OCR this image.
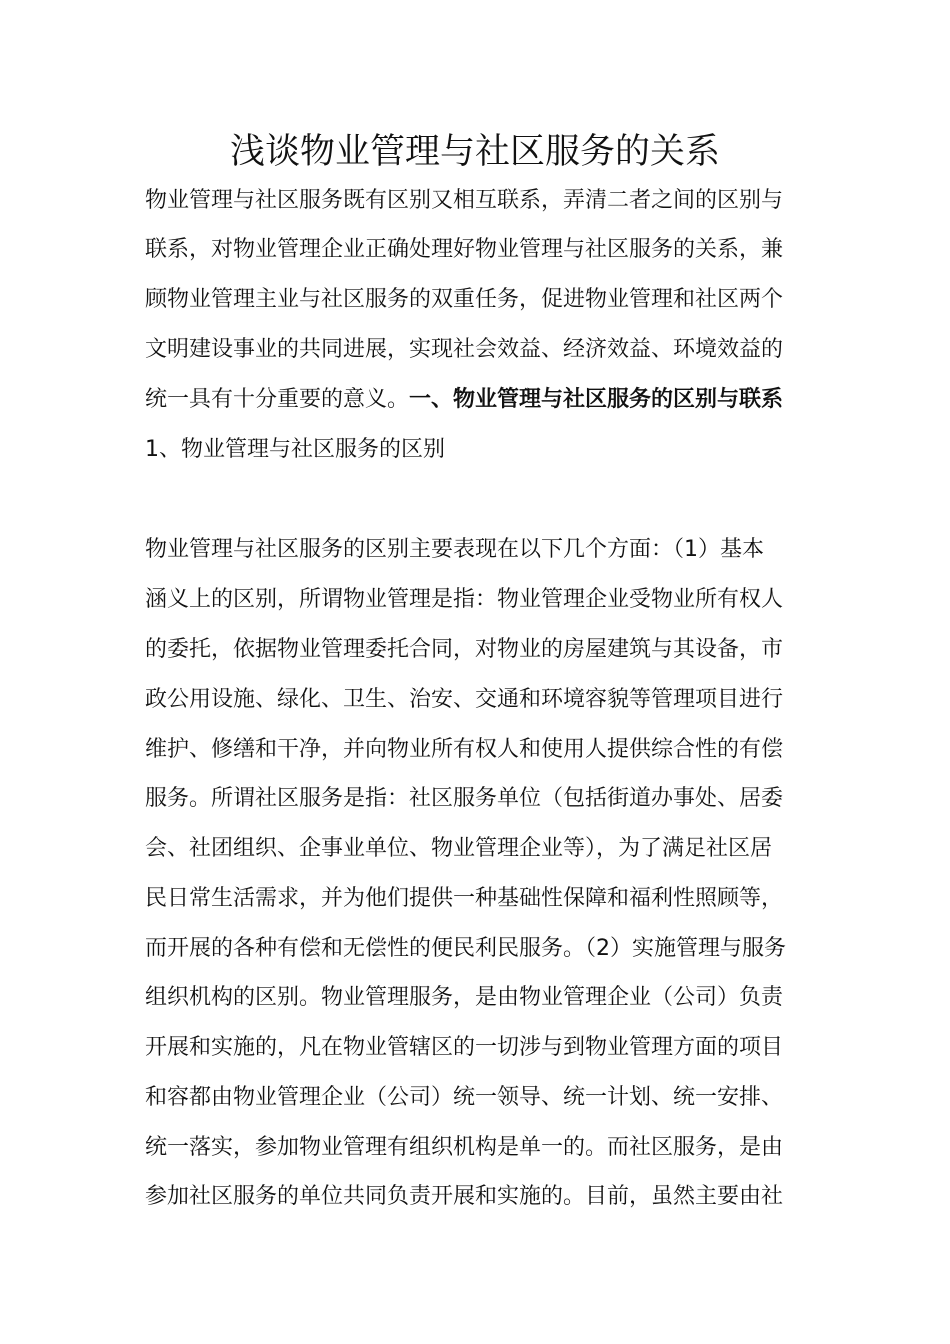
浅谈物业管理与社区服务的关系
物业管理与社区服务既有区别又相互联系，弄清二者之间的区别与
联系，对物业管理企业正确处理好物业管理与社区服务的关系，兼
顾物业管理主业与社区服务的双重任务，促进物业管理和社区两个
文明建设事业的共同进展，实现社会效益、经济效益、环境效益的
统一具有十分重要的意义。一、物业管理与社区服务的区别与联系
1、物业管理与社区服务的区别
物业管理与社区服务的区别主要表现在以下几个方面：（1）基本
涵义上的区别，所谓物业管理是指：物业管理企业受物业所有权人
的委托，依据物业管理委托合同，对物业的房屋建筑与其设备，市
政公用设施、绿化、卫生、治安、交通和环境容貌等管理项目进行
维护、修缮和干净，并向物业所有权人和使用人提供综合性的有偿
服务。所谓社区服务是指：社区服务单位（包括街道办事处、居委
会、社团组织、企事业单位、物业管理企业等），为了满足社区居
民日常生活需求，并为他们提供一种基础性保障和福利性照顾等，
而开展的各种有偿和无偿性的便民利民服务。（2）实施管理与服务
组织机构的区别。物业管理服务，是由物业管理企业（公司）负责
开展和实施的，凡在物业管辖区的一切涉与到物业管理方面的项目
和容都由物业管理企业（公司）统一领导、统一计划、统一安排、
统一落实，参加物业管理有组织机构是单一的。而社区服务，是由
参加社区服务的单位共同负责开展和实施的。目前，虽然主要由社
